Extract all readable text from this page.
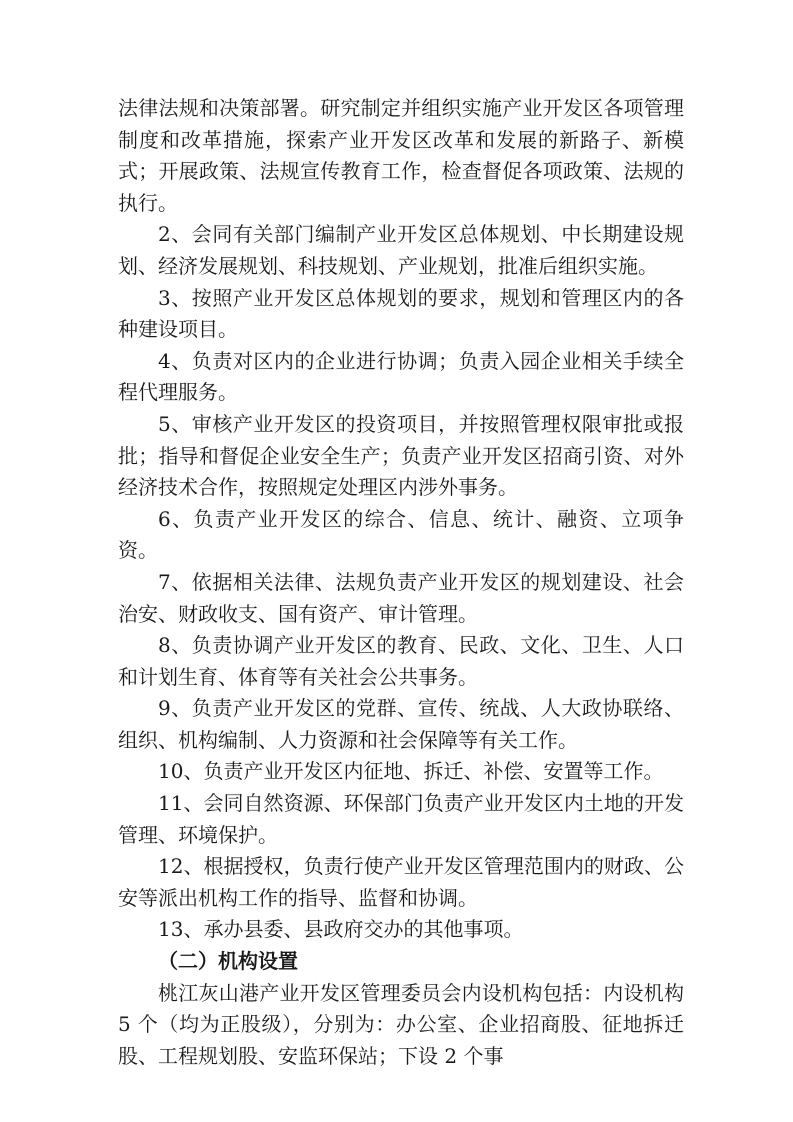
法律法规和决策部署。研究制定并组织实施产业开发区各项管理制度和改革措施，探索产业开发区改革和发展的新路子、新模式；开展政策、法规宣传教育工作，检查督促各项政策、法规的执行。

2、会同有关部门编制产业开发区总体规划、中长期建设规划、经济发展规划、科技规划、产业规划，批准后组织实施。

3、按照产业开发区总体规划的要求，规划和管理区内的各种建设项目。

4、负责对区内的企业进行协调；负责入园企业相关手续全程代理服务。

5、审核产业开发区的投资项目，并按照管理权限审批或报批；指导和督促企业安全生产；负责产业开发区招商引资、对外经济技术合作，按照规定处理区内涉外事务。

6、负责产业开发区的综合、信息、统计、融资、立项争资。

7、依据相关法律、法规负责产业开发区的规划建设、社会治安、财政收支、国有资产、审计管理。

8、负责协调产业开发区的教育、民政、文化、卫生、人口和计划生育、体育等有关社会公共事务。

9、负责产业开发区的党群、宣传、统战、人大政协联络、组织、机构编制、人力资源和社会保障等有关工作。

10、负责产业开发区内征地、拆迁、补偿、安置等工作。

11、会同自然资源、环保部门负责产业开发区内土地的开发管理、环境保护。

12、根据授权，负责行使产业开发区管理范围内的财政、公安等派出机构工作的指导、监督和协调。

13、承办县委、县政府交办的其他事项。

（二）机构设置

桃江灰山港产业开发区管理委员会内设机构包括：内设机构 5 个（均为正股级），分别为：办公室、企业招商股、征地拆迁股、工程规划股、安监环保站；下设 2 个事
